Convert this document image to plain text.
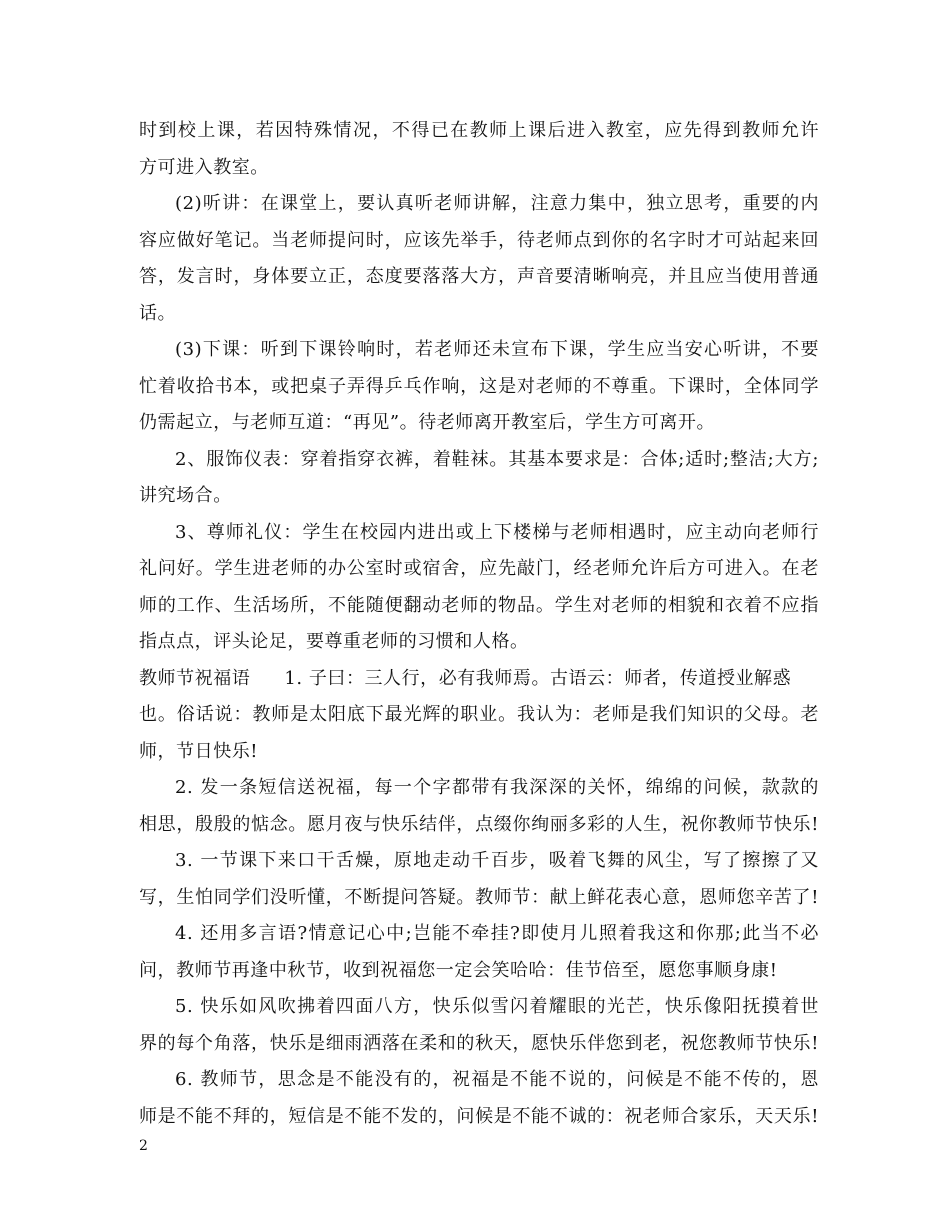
时到校上课，若因特殊情况，不得已在教师上课后进入教室，应先得到教师允许
方可进入教室。
(2)听讲：在课堂上，要认真听老师讲解，注意力集中，独立思考，重要的内
容应做好笔记。当老师提问时，应该先举手，待老师点到你的名字时才可站起来回
答，发言时，身体要立正，态度要落落大方，声音要清晰响亮，并且应当使用普通
话。
(3)下课：听到下课铃响时，若老师还未宣布下课，学生应当安心听讲，不要
忙着收拾书本，或把桌子弄得乒乓作响，这是对老师的不尊重。下课时，全体同学
仍需起立，与老师互道：“再见”。待老师离开教室后，学生方可离开。
2、服饰仪表：穿着指穿衣裤，着鞋袜。其基本要求是：合体;适时;整洁;大方;
讲究场合。
3、尊师礼仪：学生在校园内进出或上下楼梯与老师相遇时，应主动向老师行
礼问好。学生进老师的办公室时或宿舍，应先敲门，经老师允许后方可进入。在老
师的工作、生活场所，不能随便翻动老师的物品。学生对老师的相貌和衣着不应指
指点点，评头论足，要尊重老师的习惯和人格。
教师节祝福语 1. 子曰：三人行，必有我师焉。古语云：师者，传道授业解惑
也。俗话说：教师是太阳底下最光辉的职业。我认为：老师是我们知识的父母。老
师，节日快乐!
2. 发一条短信送祝福，每一个字都带有我深深的关怀，绵绵的问候，款款的
相思，殷殷的惦念。愿月夜与快乐结伴，点缀你绚丽多彩的人生，祝你教师节快乐!
3. 一节课下来口干舌燥，原地走动千百步，吸着飞舞的风尘，写了擦擦了又
写，生怕同学们没听懂，不断提问答疑。教师节：献上鲜花表心意，恩师您辛苦了!
4. 还用多言语?情意记心中;岂能不牵挂?即使月儿照着我这和你那;此当不必
问，教师节再逢中秋节，收到祝福您一定会笑哈哈：佳节倍至，愿您事顺身康!
5. 快乐如风吹拂着四面八方，快乐似雪闪着耀眼的光芒，快乐像阳抚摸着世
界的每个角落，快乐是细雨洒落在柔和的秋天，愿快乐伴您到老，祝您教师节快乐!
6. 教师节，思念是不能没有的，祝福是不能不说的，问候是不能不传的，恩
师是不能不拜的，短信是不能不发的，问候是不能不诚的：祝老师合家乐，天天乐!
2
